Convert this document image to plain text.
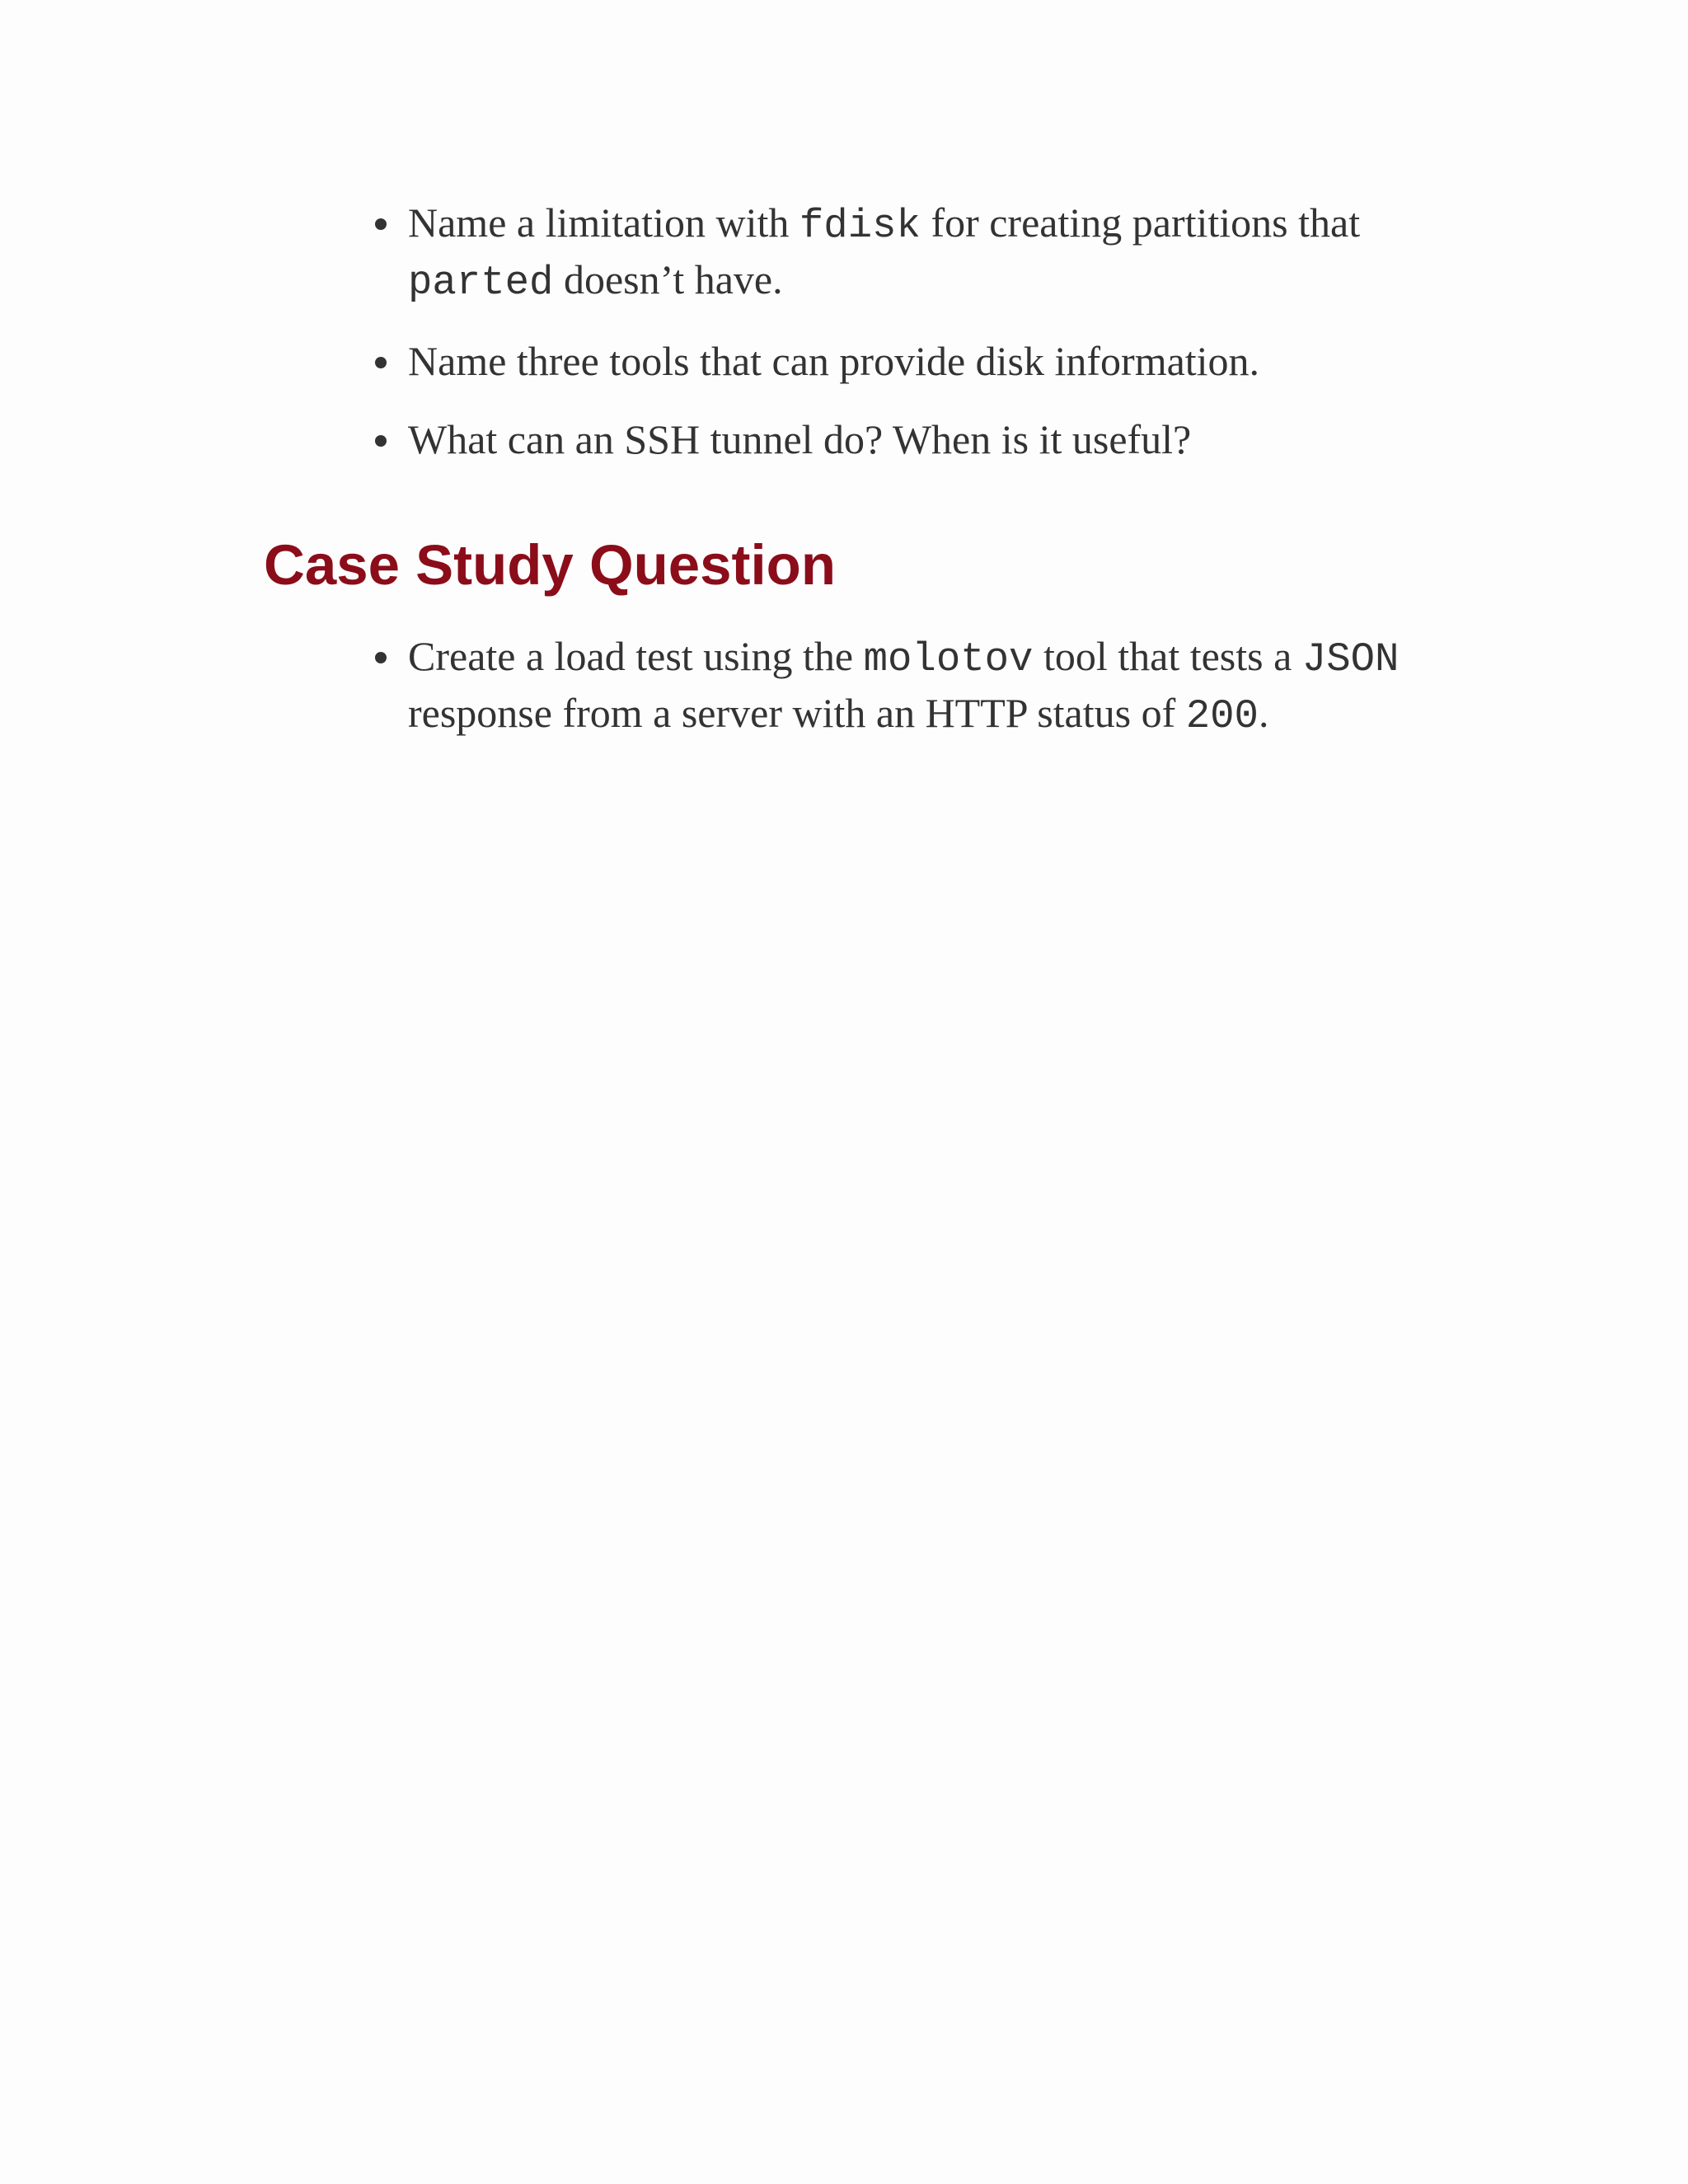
Name a limitation with fdisk for creating partitions that parted doesn’t have.
Name three tools that can provide disk information.
What can an SSH tunnel do? When is it useful?
Case Study Question
Create a load test using the molotov tool that tests a JSON response from a server with an HTTP status of 200.
